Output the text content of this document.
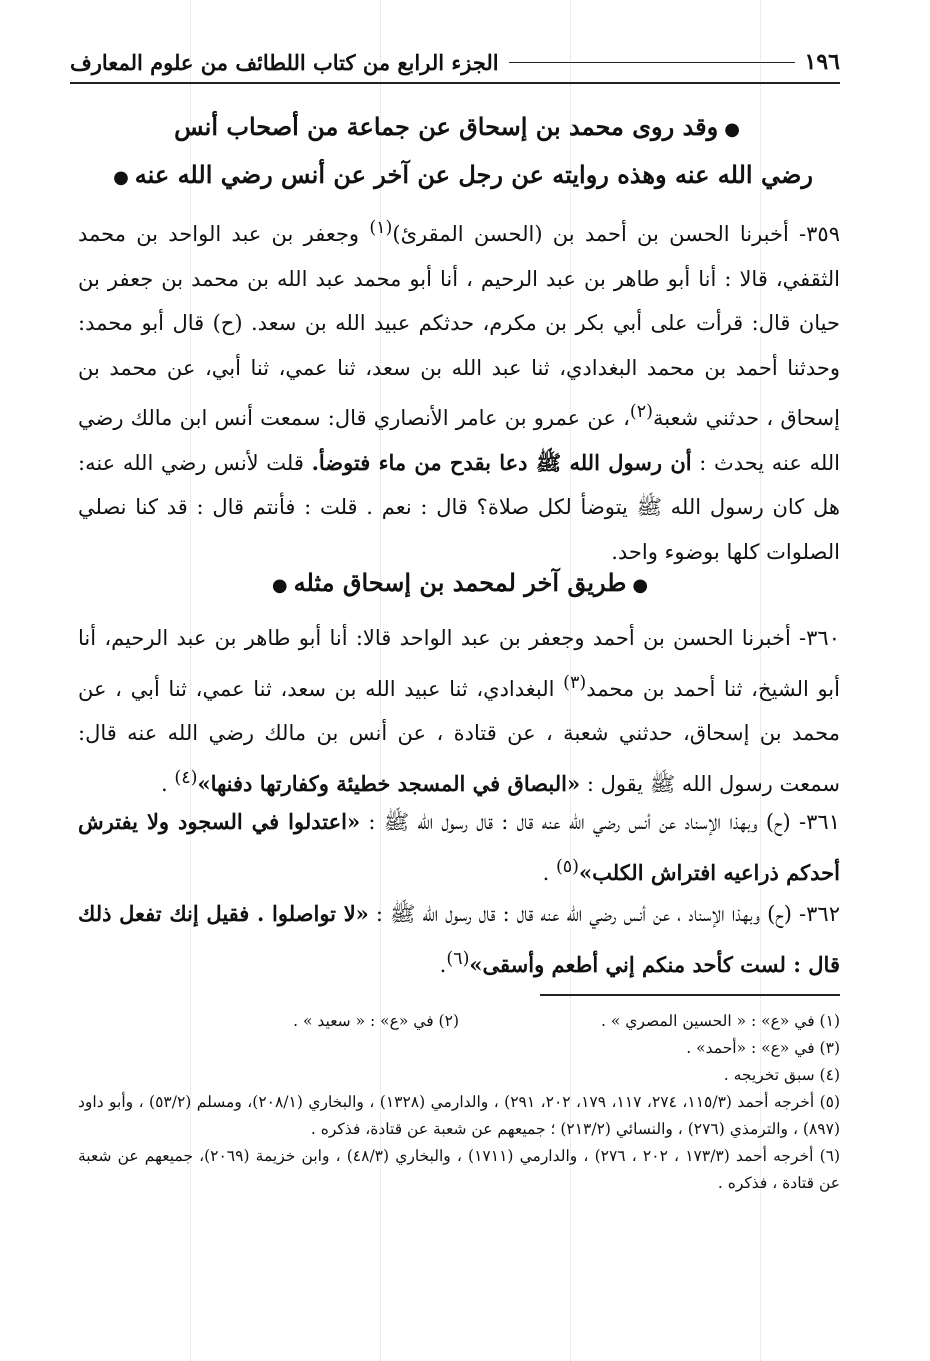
١٩٦
الجزء الرابع من كتاب اللطائف من علوم المعارف
●وقد روى محمد بن إسحاق عن جماعة من أصحاب أنس
رضي الله عنه وهذه روايته عن رجل عن آخر عن أنس رضي الله عنه●
٣٥٩- أخبرنا الحسن بن أحمد بن (الحسن المقرئ)$^{(١)}$ وجعفر بن عبد الواحد بن محمد الثقفي، قالا : أنا أبو طاهر بن عبد الرحيم ، أنا أبو محمد عبد الله بن محمد بن جعفر بن حيان قال: قرأت على أبي بكر بن مكرم، حدثكم عبيد الله بن سعد. (ح) قال أبو محمد: وحدثنا أحمد بن محمد البغدادي، ثنا عبد الله بن سعد، ثنا عمي، ثنا أبي، عن محمد بن إسحاق ، حدثني شعبة$^{(٢)}$، عن عمرو بن عامر الأنصاري قال: سمعت أنس ابن مالك رضي الله عنه يحدث : أن رسول الله ﷺ دعا بقدح من ماء فتوضأ. قلت لأنس رضي الله عنه: هل كان رسول الله ﷺ يتوضأ لكل صلاة؟ قال : نعم . قلت : فأنتم قال : قد كنا نصلي الصلوات كلها بوضوء واحد.
●طريق آخر لمحمد بن إسحاق مثله●
٣٦٠- أخبرنا الحسن بن أحمد وجعفر بن عبد الواحد قالا: أنا أبو طاهر بن عبد الرحيم، أنا أبو الشيخ، ثنا أحمد بن محمد$^{(٣)}$ البغدادي، ثنا عبيد الله بن سعد، ثنا عمي، ثنا أبي ، عن محمد بن إسحاق، حدثني شعبة ، عن قتادة ، عن أنس بن مالك رضي الله عنه قال: سمعت رسول الله ﷺ يقول : «البصاق في المسجد خطيئة وكفارتها دفنها»$^{(٤)}$ .
٣٦١- (ح) وبهذا الإسناد عن أنس رضي الله عنه قال : قال رسول الله ﷺ : «اعتدلوا في السجود ولا يفترش أحدكم ذراعيه افتراش الكلب»$^{(٥)}$ .
٣٦٢- (ح) وبهذا الإسناد ، عن أنس رضي الله عنه قال : قال رسول الله ﷺ : «لا تواصلوا . فقيل إنك تفعل ذلك قال : لست كأحد منكم إني أطعم وأسقى»$^{(٦)}$.
(١) في «ع» : « الحسين المصري » .
(٢) في «ع» : « سعيد » .
(٣) في «ع» : «أحمد» .
(٤) سبق تخريجه .
(٥) أخرجه أحمد (١١٥/٣، ٢٧٤، ١١٧، ١٧٩، ٢٠٢، ٢٩١) ، والدارمي (١٣٢٨) ، والبخاري (٢٠٨/١)، ومسلم (٥٣/٢) ، وأبو داود (٨٩٧) ، والترمذي (٢٧٦) ، والنسائي (٢١٣/٢) ؛ جميعهم عن شعبة عن قتادة، فذكره .
(٦) أخرجه أحمد (١٧٣/٣ ، ٢٠٢ ، ٢٧٦) ، والدارمي (١٧١١) ، والبخاري (٤٨/٣) ، وابن خزيمة (٢٠٦٩)، جميعهم عن شعبة عن قتادة ، فذكره .
